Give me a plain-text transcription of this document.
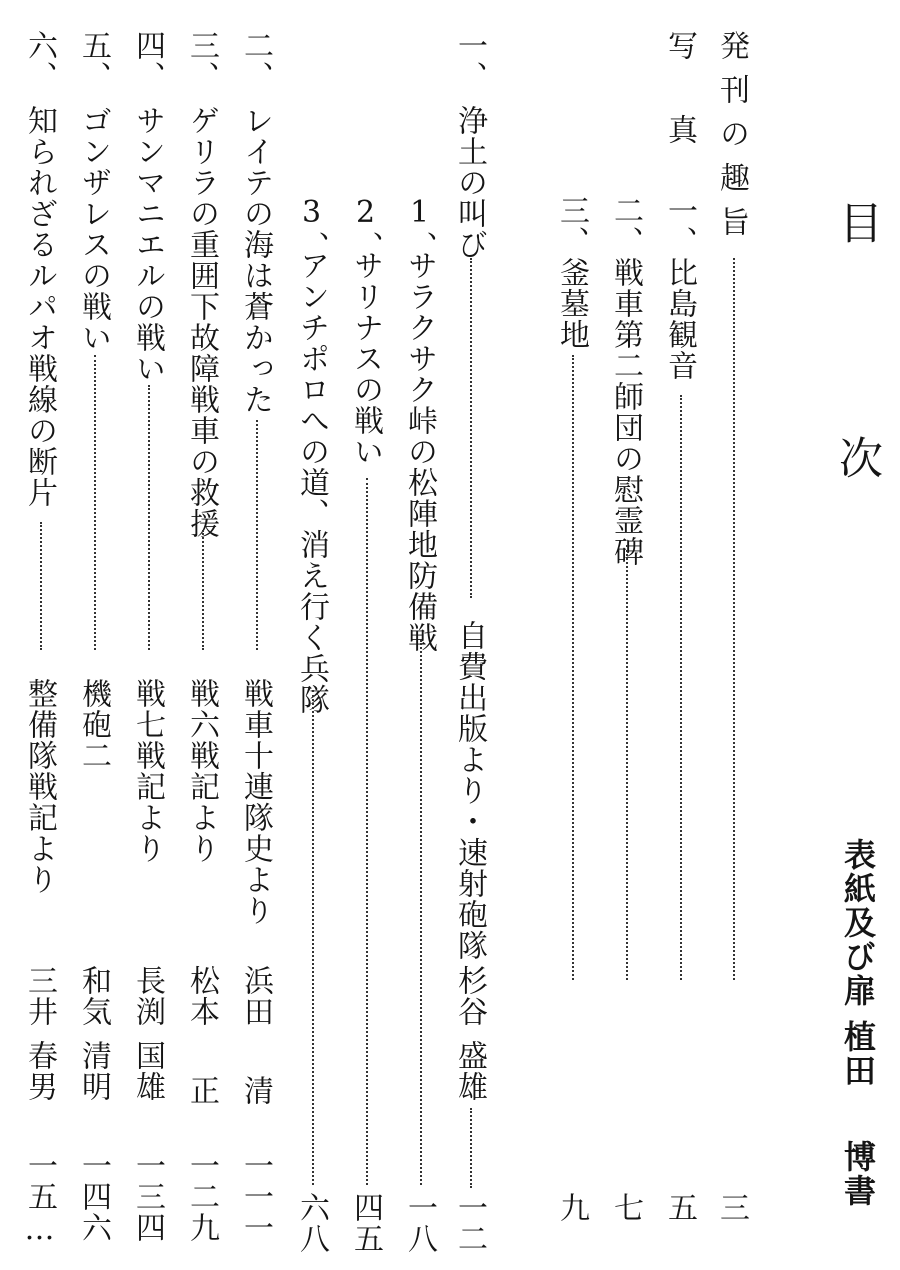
目
次
表紙及び扉
植田
博書
発刊の趣旨
三
写　真
一、比島観音
五
二、戦車第二師団の慰霊碑
七
三、釜墓地
九
一、
浄土の叫び
自費出版より・速射砲隊
杉谷
盛雄
一二
1、
サラクサク峠の松陣地防備戦
一八
2、
サリナスの戦い
四五
3、
アンチポロへの道、消え行く兵隊
六八
二、
レイテの海は蒼かった
戦車十連隊史より
浜田
清
一一一
三、
ゲリラの重囲下故障戦車の救援
戦六戦記より
松本
正
一二九
四、
サンマニエルの戦い
戦七戦記より
長渕
国雄
一三四
五、
ゴンザレスの戦い
機砲二
和気
清明
一四六
六、
知られざるルパオ戦線の断片
整備隊戦記より
三井
春男
一五…
